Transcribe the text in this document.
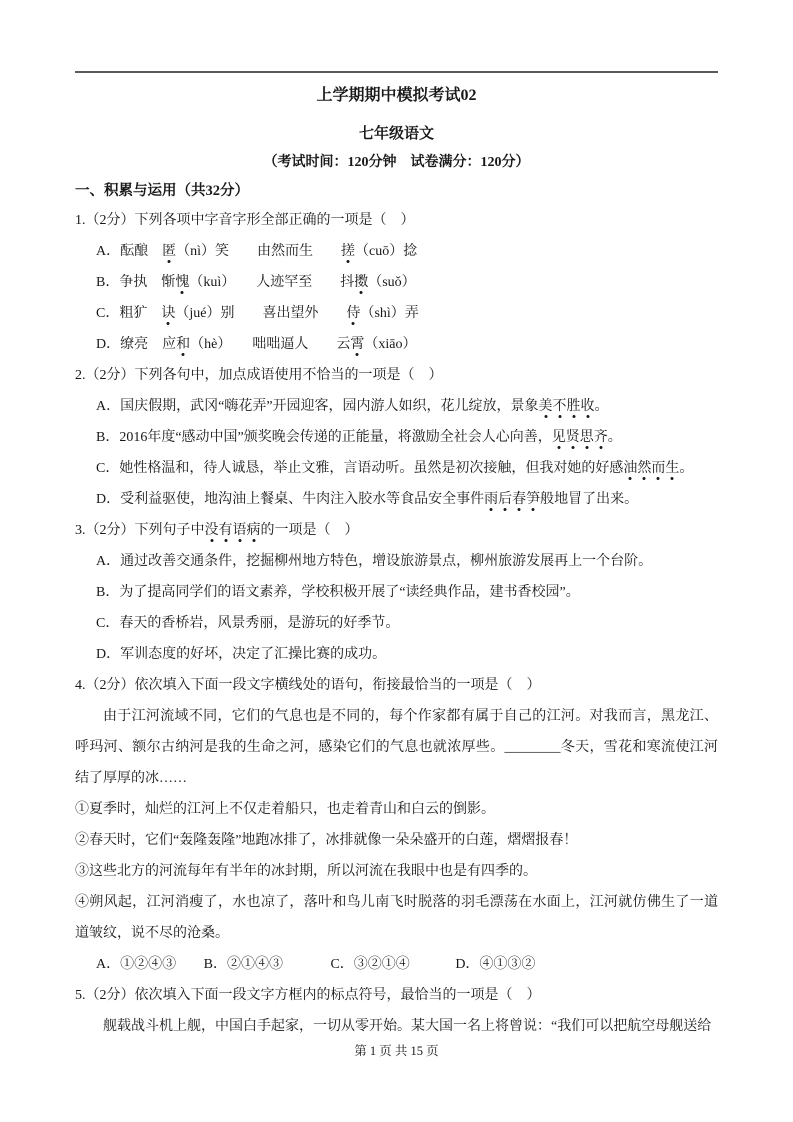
上学期期中模拟考试02
七年级语文
（考试时间：120分钟　试卷满分：120分）
一、积累与运用（共32分）
1.（2分）下列各项中字音字形全部正确的一项是（　）
A．酝酿　匿（nì）笑　　由然而生　　搓（cuō）捻
B．争执　惭愧（kuì）　　人迹罕至　　抖擞（suǒ）
C．粗犷　诀（jué）别　　喜出望外　　侍（shì）弄
D．缭亮　应和（hè）　　咄咄逼人　　云霄（xiāo）
2.（2分）下列各句中，加点成语使用不恰当的一项是（　）
A．国庆假期，武冈“嗨花弄”开园迎客，园内游人如织，花儿绽放，景象美不胜收。
B．2016年度“感动中国”颁奖晚会传递的正能量，将激励全社会人心向善，见贤思齐。
C．她性格温和，待人诚恳，举止文雅，言语动听。虽然是初次接触，但我对她的好感油然而生。
D．受利益驱使，地沟油上餐桌、牛肉注入胶水等食品安全事件雨后春笋般地冒了出来。
3.（2分）下列句子中没有语病的一项是（　）
A．通过改善交通条件，挖掘柳州地方特色，增设旅游景点，柳州旅游发展再上一个台阶。
B．为了提高同学们的语文素养，学校积极开展了“读经典作品，建书香校园”。
C．春天的香桥岩，风景秀丽，是游玩的好季节。
D．军训态度的好坏，决定了汇操比赛的成功。
4.（2分）依次填入下面一段文字横线处的语句，衔接最恰当的一项是（　）
由于江河流域不同，它们的气息也是不同的，每个作家都有属于自己的江河。对我而言，黑龙江、呼玛河、额尔古纳河是我的生命之河，感染它们的气息也就浓厚些。________冬天，雪花和寒流使江河结了厚厚的冰……
①夏季时，灿烂的江河上不仅走着船只，也走着青山和白云的倒影。
②春天时，它们“轰隆轰隆”地跑冰排了，冰排就像一朵朵盛开的白莲，熠熠报春！
③这些北方的河流每年有半年的冰封期，所以河流在我眼中也是有四季的。
④朔风起，江河消瘦了，水也凉了，落叶和鸟儿南飞时脱落的羽毛漂荡在水面上，江河就仿佛生了一道道皱纹，说不尽的沧桑。
A．①②④③ B．②①④③	C．③②①④	D．④①③②
5.（2分）依次填入下面一段文字方框内的标点符号，最恰当的一项是（　）
舰载战斗机上舰，中国白手起家，一切从零开始。某大国一名上将曾说：“我们可以把航空母舰送给
第 1 页 共 15 页
